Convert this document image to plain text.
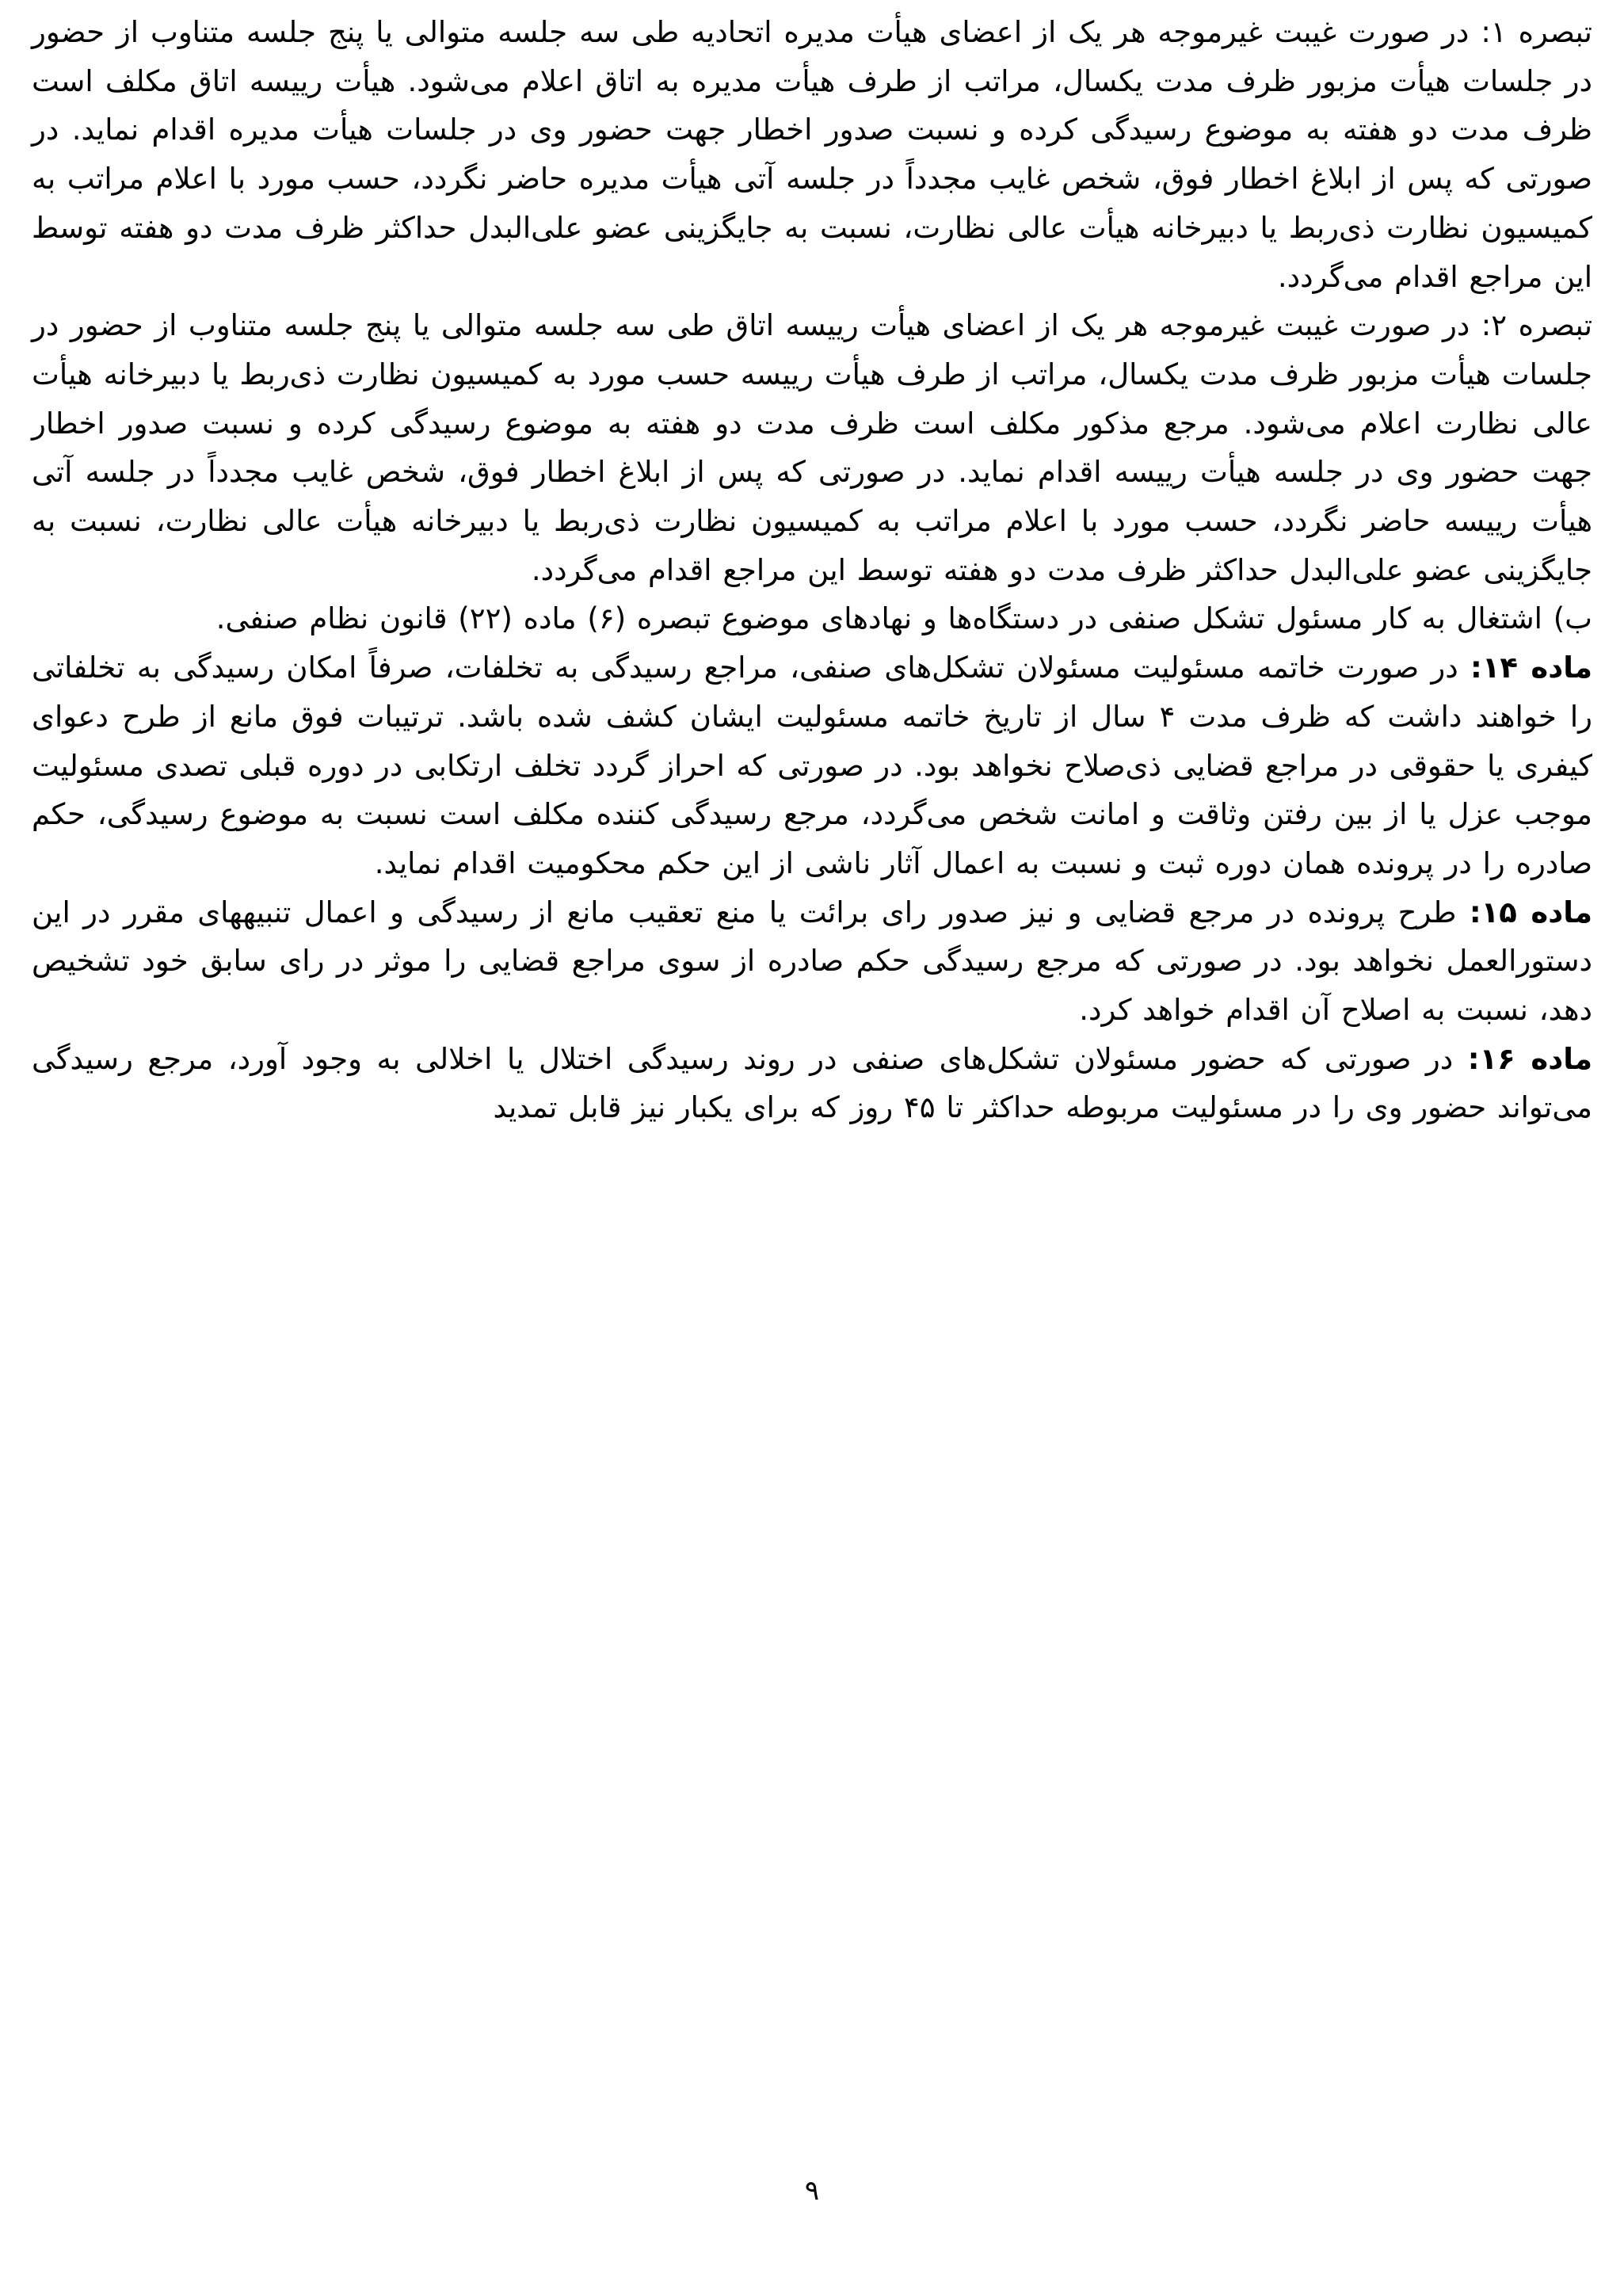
تبصره ۱: در صورت غیبت غیرموجه هر یک از اعضای هیأت مدیره اتحادیه طی سه جلسه متوالی یا پنج جلسه متناوب از حضور در جلسات هیأت مزبور ظرف مدت یکسال، مراتب از طرف هیأت مدیره به اتاق اعلام می‌شود. هیأت رییسه اتاق مکلف است ظرف مدت دو هفته به موضوع رسیدگی کرده و نسبت صدور اخطار جهت حضور وی در جلسات هیأت مدیره اقدام نماید. در صورتی که پس از ابلاغ اخطار فوق، شخص غایب مجدداً در جلسه آتی هیأت مدیره حاضر نگردد، حسب مورد با اعلام مراتب به کمیسیون نظارت ذی‌ربط یا دبیرخانه هیأت عالی نظارت، نسبت به جایگزینی عضو علی‌البدل حداکثر ظرف مدت دو هفته توسط این مراجع اقدام می‌گردد.

تبصره ۲: در صورت غیبت غیرموجه هر یک از اعضای هیأت رییسه اتاق طی سه جلسه متوالی یا پنج جلسه متناوب از حضور در جلسات هیأت مزبور ظرف مدت یکسال، مراتب از طرف هیأت رییسه حسب مورد به کمیسیون نظارت ذی‌ربط یا دبیرخانه هیأت عالی نظارت اعلام می‌شود. مرجع مذکور مکلف است ظرف مدت دو هفته به موضوع رسیدگی کرده و نسبت صدور اخطار جهت حضور وی در جلسه هیأت رییسه اقدام نماید. در صورتی که پس از ابلاغ اخطار فوق، شخص غایب مجدداً در جلسه آتی هیأت رییسه حاضر نگردد، حسب مورد با اعلام مراتب به کمیسیون نظارت ذی‌ربط یا دبیرخانه هیأت عالی نظارت، نسبت به جایگزینی عضو علی‌البدل حداکثر ظرف مدت دو هفته توسط این مراجع اقدام می‌گردد.

ب) اشتغال به کار مسئول تشکل صنفی در دستگاه‌ها و نهادهای موضوع تبصره (۶) ماده (۲۲) قانون نظام صنفی.

ماده ۱۴: در صورت خاتمه مسئولیت مسئولان تشکل‌های صنفی، مراجع رسیدگی به تخلفات، صرفاً امکان رسیدگی به تخلفاتی را خواهند داشت که ظرف مدت ۴ سال از تاریخ خاتمه مسئولیت ایشان کشف شده باشد. ترتیبات فوق مانع از طرح دعوای کیفری یا حقوقی در مراجع قضایی ذی‌صلاح نخواهد بود. در صورتی که احراز گردد تخلف ارتکابی در دوره قبلی تصدی مسئولیت موجب عزل یا از بین رفتن وثاقت و امانت شخص می‌گردد، مرجع رسیدگی کننده مکلف است نسبت به موضوع رسیدگی، حکم صادره را در پرونده همان دوره ثبت و نسبت به اعمال آثار ناشی از این حکم محکومیت اقدام نماید.

ماده ۱۵: طرح پرونده در مرجع قضایی و نیز صدور رای برائت یا منع تعقیب مانع از رسیدگی و اعمال تنبیههای مقرر در این دستورالعمل نخواهد بود. در صورتی که مرجع رسیدگی حکم صادره از سوی مراجع قضایی را موثر در رای سابق خود تشخیص دهد، نسبت به اصلاح آن اقدام خواهد کرد.

ماده ۱۶: در صورتی که حضور مسئولان تشکل‌های صنفی در روند رسیدگی اختلال یا اخلالی به وجود آورد، مرجع رسیدگی می‌تواند حضور وی را در مسئولیت مربوطه حداکثر تا ۴۵ روز که برای یکبار نیز قابل تمدید

۹
